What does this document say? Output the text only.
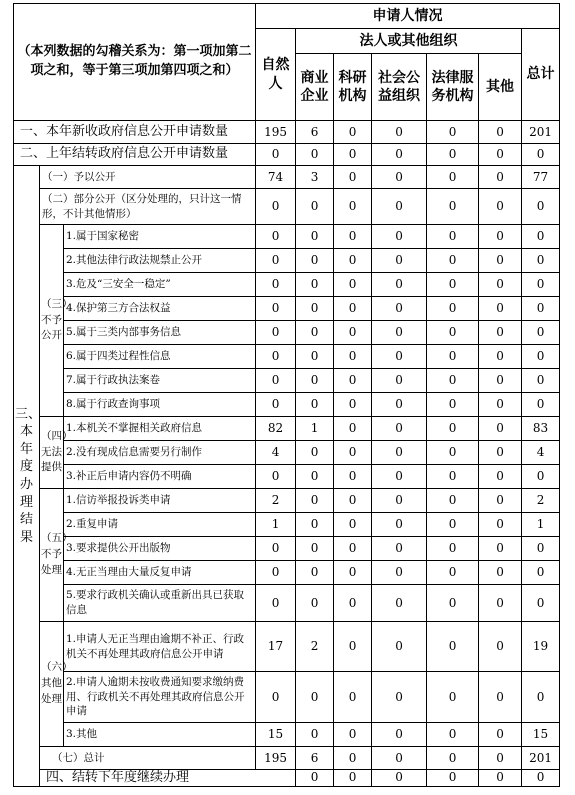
（本列数据的勾稽关系为：第一项加第二项之和，等于第三项加第四项之和）			申请人情况							
			自然人	法人或其他组织					总计	
				商业企业	科研机构	社会公益组织	法律服务机构	其他		
一、本年新收政府信息公开申请数量			195	6	0	0	0	0	201	
二、上年结转政府信息公开申请数量			0	0	0	0	0	0	0	
三、本年度办理结果	（一）予以公开		74	3	0	0	0	0	77	
	（二）部分公开（区分处理的，只计这一情形，不计其他情形）		0	0	0	0	0	0	0	
	（三）不予公开	1.属于国家秘密	0	0	0	0	0	0	0	
		2.其他法律行政法规禁止公开	0	0	0	0	0	0	0	
		3.危及“三安全一稳定”	0	0	0	0	0	0	0	
		4.保护第三方合法权益	0	0	0	0	0	0	0	
		5.属于三类内部事务信息	0	0	0	0	0	0	0	
		6.属于四类过程性信息	0	0	0	0	0	0	0	
		7.属于行政执法案卷	0	0	0	0	0	0	0	
		8.属于行政查询事项	0	0	0	0	0	0	0	
	（四）无法提供	1.本机关不掌握相关政府信息	82	1	0	0	0	0	83	
		2.没有现成信息需要另行制作	4	0	0	0	0	0	4	
		3.补正后申请内容仍不明确	0	0	0	0	0	0	0	
	（五）不予处理	1.信访举报投诉类申请	2	0	0	0	0	0	2	
		2.重复申请	1	0	0	0	0	0	1	
		3.要求提供公开出版物	0	0	0	0	0	0	0	
		4.无正当理由大量反复申请	0	0	0	0	0	0	0	
		5.要求行政机关确认或重新出具已获取信息	0	0	0	0	0	0	0	
	（六）其他处理	1.申请人无正当理由逾期不补正、行政机关不再处理其政府信息公开申请	17	2	0	0	0	0	19	
		2.申请人逾期未按收费通知要求缴纳费用、行政机关不再处理其政府信息公开申请	0	0	0	0	0	0	0	
		3.其他	15	0	0	0	0	0	15	
	（七）总计		195	6	0	0	0	0	201	
	四、结转下年度继续办理			0	0	0	0	0	0	
